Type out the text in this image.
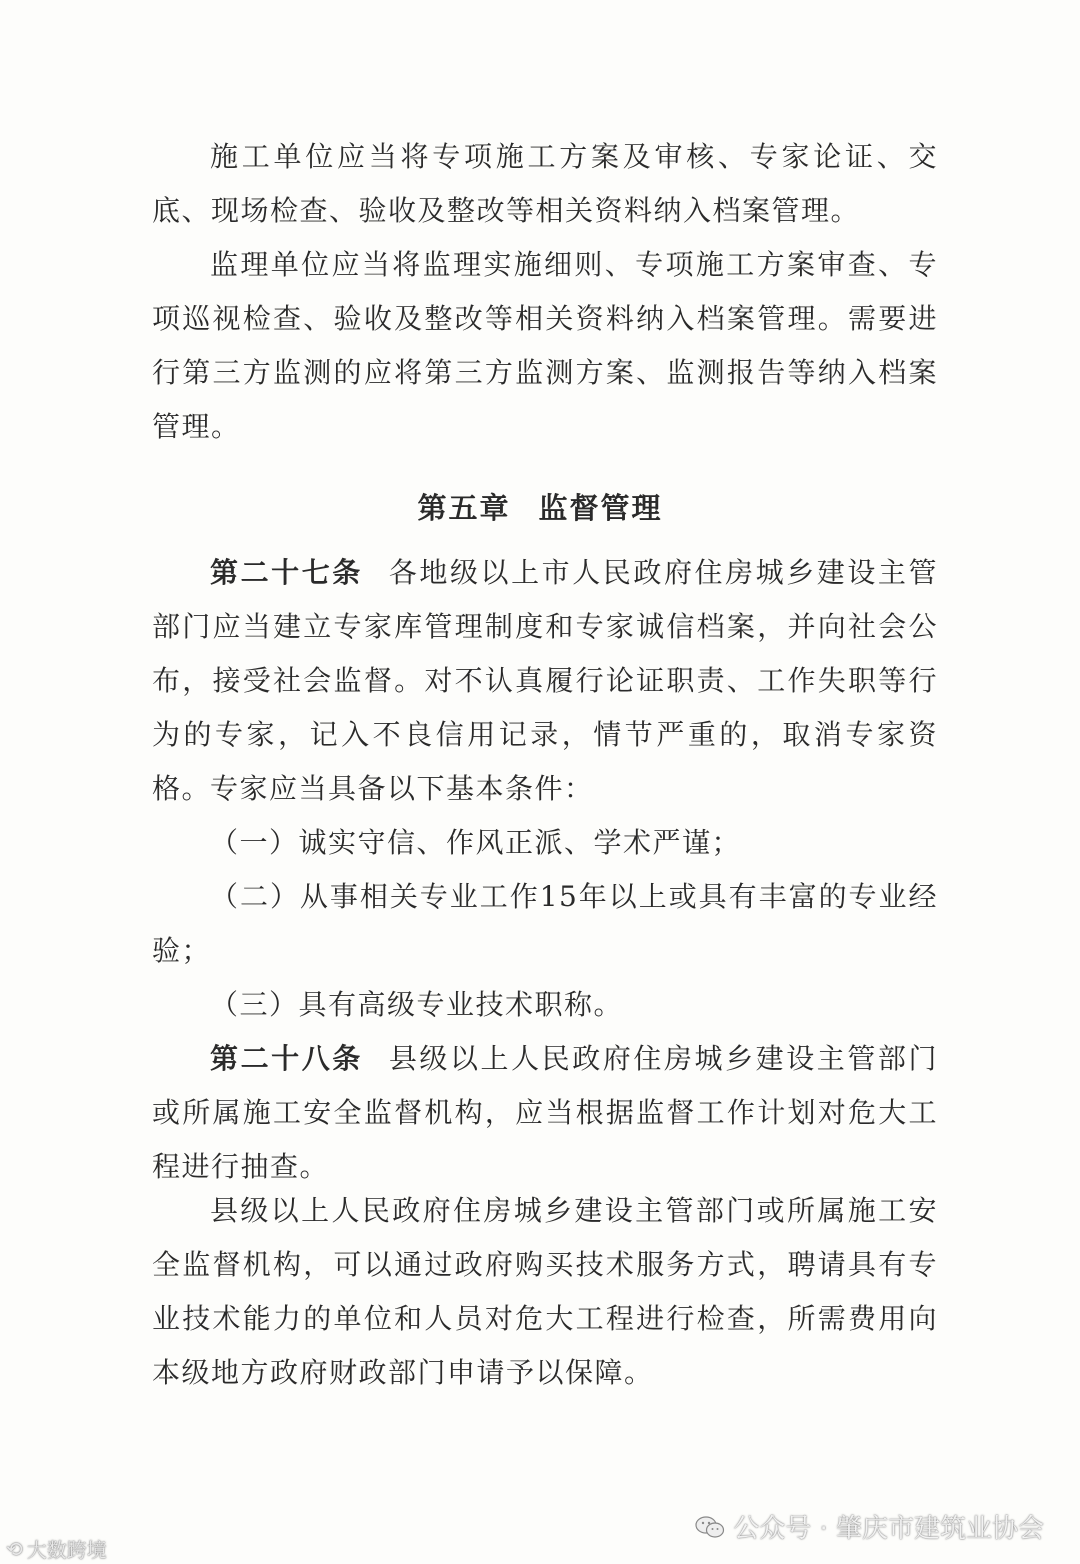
施工单位应当将专项施工方案及审核、专家论证、交底、现场检查、验收及整改等相关资料纳入档案管理。

监理单位应当将监理实施细则、专项施工方案审查、专项巡视检查、验收及整改等相关资料纳入档案管理。需要进行第三方监测的应将第三方监测方案、监测报告等纳入档案管理。

第五章 监督管理

第二十七条 各地级以上市人民政府住房城乡建设主管部门应当建立专家库管理制度和专家诚信档案，并向社会公布，接受社会监督。对不认真履行论证职责、工作失职等行为的专家，记入不良信用记录，情节严重的，取消专家资格。

专家应当具备以下基本条件：

（一）诚实守信、作风正派、学术严谨；

（二）从事相关专业工作15年以上或具有丰富的专业经验；

（三）具有高级专业技术职称。

第二十八条 县级以上人民政府住房城乡建设主管部门或所属施工安全监督机构，应当根据监督工作计划对危大工程进行抽查。

县级以上人民政府住房城乡建设主管部门或所属施工安全监督机构，可以通过政府购买技术服务方式，聘请具有专业技术能力的单位和人员对危大工程进行检查，所需费用向本级地方政府财政部门申请予以保障。

⟲ 大数跨境
公众号 · 肇庆市建筑业协会
